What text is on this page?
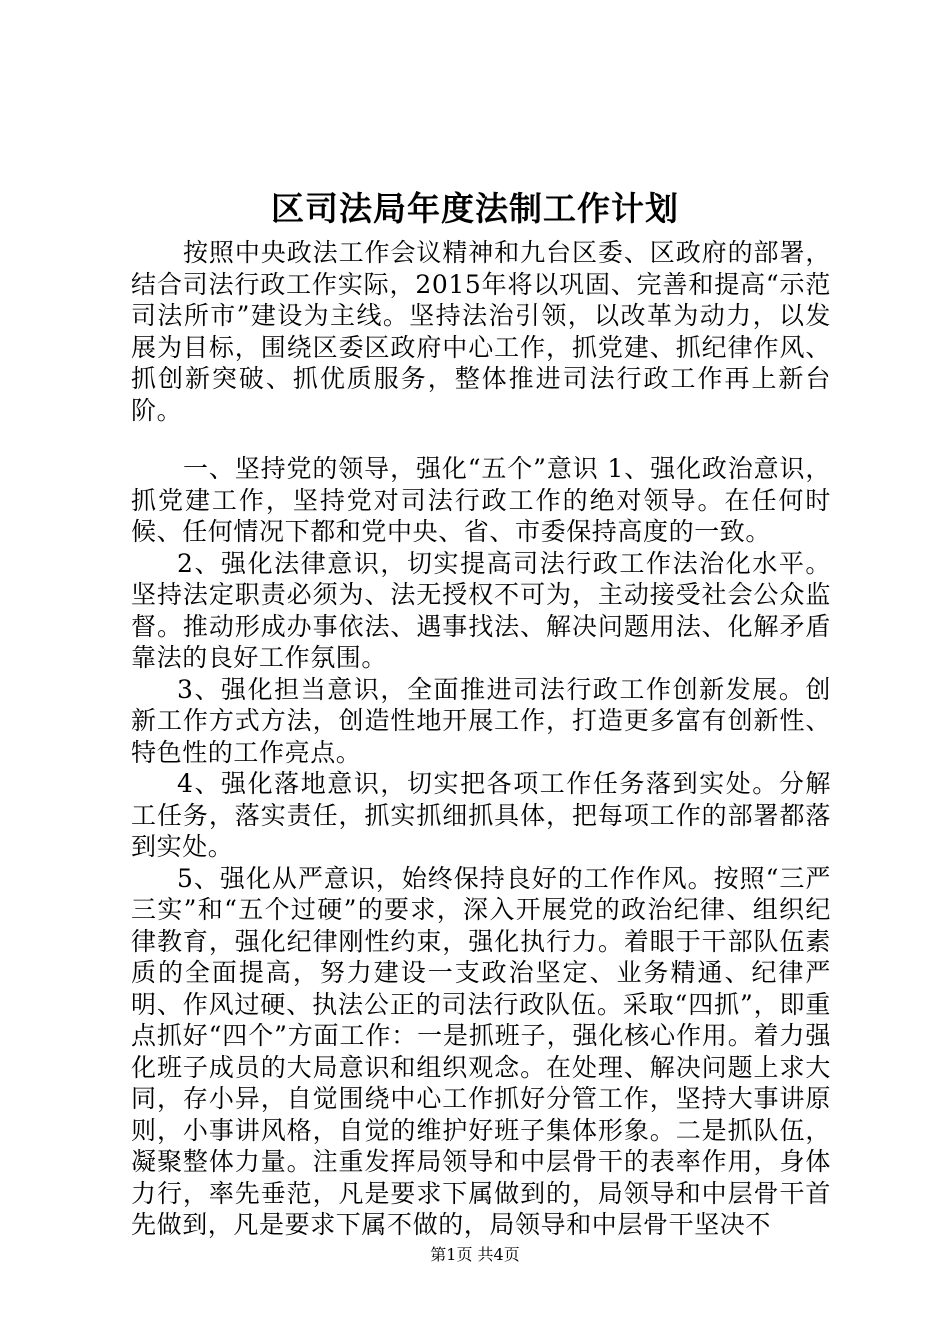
区司法局年度法制工作计划

按照中央政法工作会议精神和九台区委、区政府的部署，结合司法行政工作实际，2015年将以巩固、完善和提高“示范司法所市”建设为主线。坚持法治引领，以改革为动力，以发展为目标，围绕区委区政府中心工作，抓党建、抓纪律作风、抓创新突破、抓优质服务，整体推进司法行政工作再上新台阶。

一、坚持党的领导，强化“五个”意识 1、强化政治意识，抓党建工作，坚持党对司法行政工作的绝对领导。在任何时候、任何情况下都和党中央、省、市委保持高度的一致。

2、强化法律意识，切实提高司法行政工作法治化水平。坚持法定职责必须为、法无授权不可为，主动接受社会公众监督。推动形成办事依法、遇事找法、解决问题用法、化解矛盾靠法的良好工作氛围。

3、强化担当意识，全面推进司法行政工作创新发展。创新工作方式方法，创造性地开展工作，打造更多富有创新性、特色性的工作亮点。

4、强化落地意识，切实把各项工作任务落到实处。分解工任务，落实责任，抓实抓细抓具体，把每项工作的部署都落到实处。

5、强化从严意识，始终保持良好的工作作风。按照“三严三实”和“五个过硬”的要求，深入开展党的政治纪律、组织纪律教育，强化纪律刚性约束，强化执行力。着眼于干部队伍素质的全面提高，努力建设一支政治坚定、业务精通、纪律严明、作风过硬、执法公正的司法行政队伍。采取“四抓”，即重点抓好“四个”方面工作：一是抓班子，强化核心作用。着力强化班子成员的大局意识和组织观念。在处理、解决问题上求大同，存小异，自觉围绕中心工作抓好分管工作，坚持大事讲原则，小事讲风格，自觉的维护好班子集体形象。二是抓队伍，凝聚整体力量。注重发挥局领导和中层骨干的表率作用，身体力行，率先垂范，凡是要求下属做到的，局领导和中层骨干首先做到，凡是要求下属不做的，局领导和中层骨干坚决不

第1页 共4页
